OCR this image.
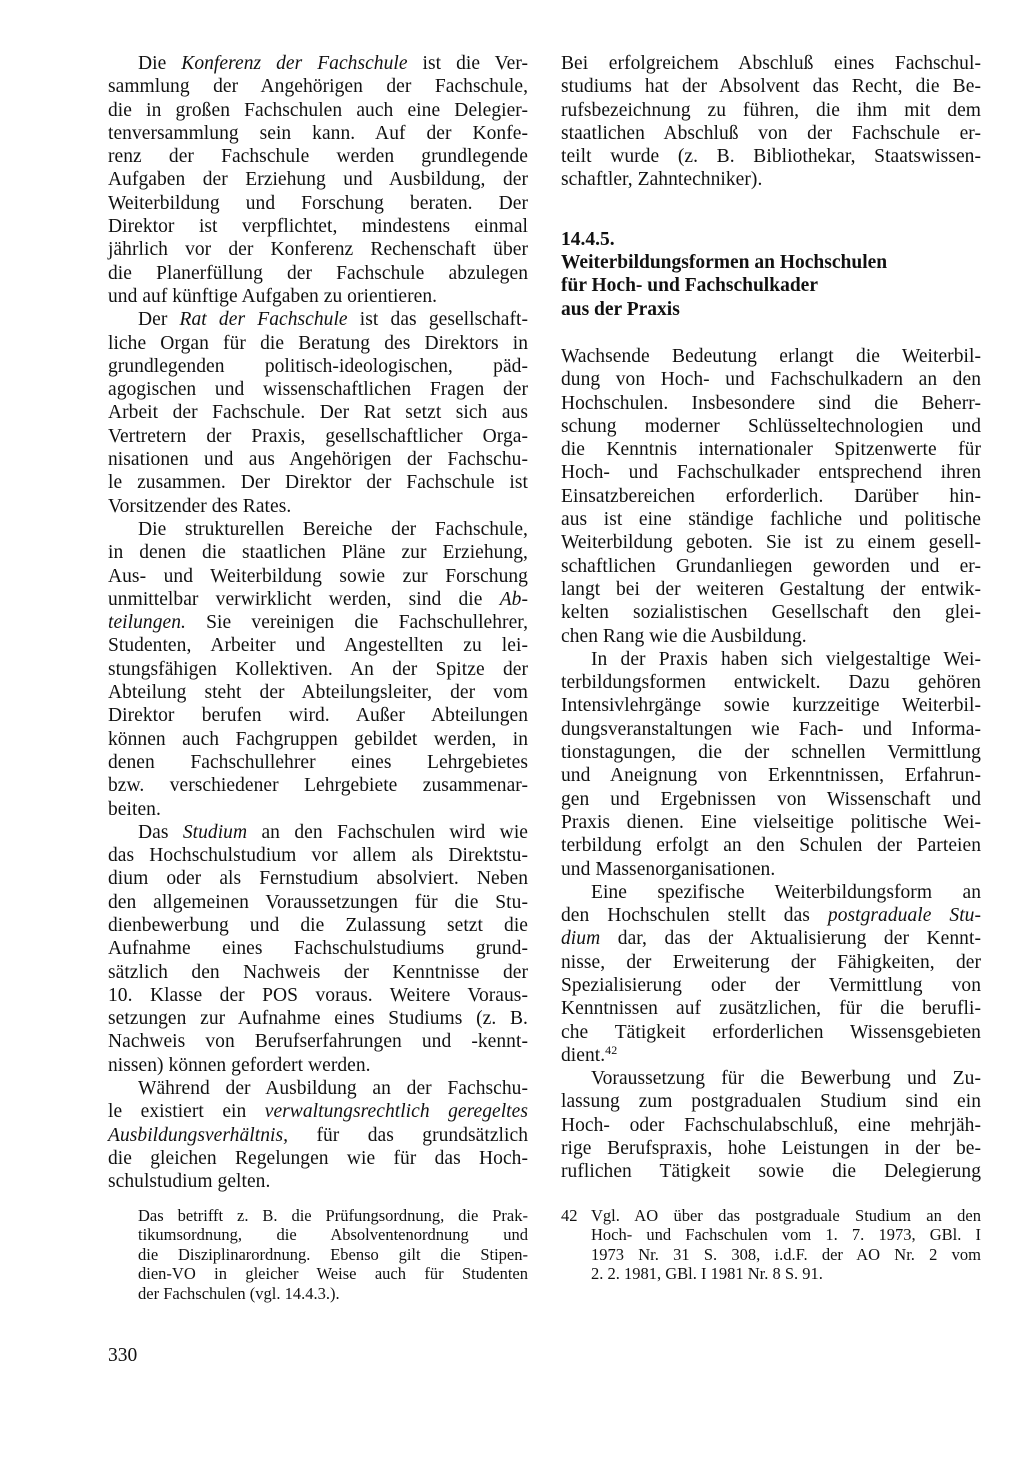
Die Konferenz der Fachschule ist die Ver-

sammlung der Angehörigen der Fachschule,

die in großen Fachschulen auch eine Delegier-

tenversammlung sein kann. Auf der Konfe-

renz der Fachschule werden grundlegende

Aufgaben der Erziehung und Ausbildung, der

Weiterbildung und Forschung beraten. Der

Direktor ist verpflichtet, mindestens einmal

jährlich vor der Konferenz Rechenschaft über

die Planerfüllung der Fachschule abzulegen

und auf künftige Aufgaben zu orientieren.

Der Rat der Fachschule ist das gesellschaft-

liche Organ für die Beratung des Direktors in

grundlegenden politisch-ideologischen, päd-

agogischen und wissenschaftlichen Fragen der

Arbeit der Fachschule. Der Rat setzt sich aus

Vertretern der Praxis, gesellschaftlicher Orga-

nisationen und aus Angehörigen der Fachschu-

le zusammen. Der Direktor der Fachschule ist

Vorsitzender des Rates.

Die strukturellen Bereiche der Fachschule,

in denen die staatlichen Pläne zur Erziehung,

Aus- und Weiterbildung sowie zur Forschung

unmittelbar verwirklicht werden, sind die Ab-

teilungen. Sie vereinigen die Fachschullehrer,

Studenten, Arbeiter und Angestellten zu lei-

stungsfähigen Kollektiven. An der Spitze der

Abteilung steht der Abteilungsleiter, der vom

Direktor berufen wird. Außer Abteilungen

können auch Fachgruppen gebildet werden, in

denen Fachschullehrer eines Lehrgebietes

bzw. verschiedener Lehrgebiete zusammenar-

beiten.

Das Studium an den Fachschulen wird wie

das Hochschulstudium vor allem als Direktstu-

dium oder als Fernstudium absolviert. Neben

den allgemeinen Voraussetzungen für die Stu-

dienbewerbung und die Zulassung setzt die

Aufnahme eines Fachschulstudiums grund-

sätzlich den Nachweis der Kenntnisse der

10. Klasse der POS voraus. Weitere Voraus-

setzungen zur Aufnahme eines Studiums (z. B.

Nachweis von Berufserfahrungen und -kennt-

nissen) können gefordert werden.

Während der Ausbildung an der Fachschu-

le existiert ein verwaltungsrechtlich geregeltes

Ausbildungsverhältnis, für das grundsätzlich

die gleichen Regelungen wie für das Hoch-

schulstudium gelten.

Das betrifft z. B. die Prüfungsordnung, die Prak-

tikumsordnung, die Absolventenordnung und

die Disziplinarordnung. Ebenso gilt die Stipen-

dien-VO in gleicher Weise auch für Studenten

der Fachschulen (vgl. 14.4.3.).

Bei erfolgreichem Abschluß eines Fachschul-

studiums hat der Absolvent das Recht, die Be-

rufsbezeichnung zu führen, die ihm mit dem

staatlichen Abschluß von der Fachschule er-

teilt wurde (z. B. Bibliothekar, Staatswissen-

schaftler, Zahntechniker).

14.4.5.

Weiterbildungsformen an Hochschulen

für Hoch- und Fachschulkader

aus der Praxis

Wachsende Bedeutung erlangt die Weiterbil-

dung von Hoch- und Fachschulkadern an den

Hochschulen. Insbesondere sind die Beherr-

schung moderner Schlüsseltechnologien und

die Kenntnis internationaler Spitzenwerte für

Hoch- und Fachschulkader entsprechend ihren

Einsatzbereichen erforderlich. Darüber hin-

aus ist eine ständige fachliche und politische

Weiterbildung geboten. Sie ist zu einem gesell-

schaftlichen Grundanliegen geworden und er-

langt bei der weiteren Gestaltung der entwik-

kelten sozialistischen Gesellschaft den glei-

chen Rang wie die Ausbildung.

In der Praxis haben sich vielgestaltige Wei-

terbildungsformen entwickelt. Dazu gehören

Intensivlehrgänge sowie kurzzeitige Weiterbil-

dungsveranstaltungen wie Fach- und Informa-

tionstagungen, die der schnellen Vermittlung

und Aneignung von Erkenntnissen, Erfahrun-

gen und Ergebnissen von Wissenschaft und

Praxis dienen. Eine vielseitige politische Wei-

terbildung erfolgt an den Schulen der Parteien

und Massenorganisationen.

Eine spezifische Weiterbildungsform an

den Hochschulen stellt das postgraduale Stu-

dium dar, das der Aktualisierung der Kennt-

nisse, der Erweiterung der Fähigkeiten, der

Spezialisierung oder der Vermittlung von

Kenntnissen auf zusätzlichen, für die berufli-

che Tätigkeit erforderlichen Wissensgebieten

dient.$^{42}$

Voraussetzung für die Bewerbung und Zu-

lassung zum postgradualen Studium sind ein

Hoch- oder Fachschulabschluß, eine mehrjäh-

rige Berufspraxis, hohe Leistungen in der be-

ruflichen Tätigkeit sowie die Delegierung

42 Vgl. AO über das postgraduale Studium an den

Hoch- und Fachschulen vom 1. 7. 1973, GBl. I

1973 Nr. 31 S. 308, i.d.F. der AO Nr. 2 vom

2. 2. 1981, GBl. I 1981 Nr. 8 S. 91.

330
